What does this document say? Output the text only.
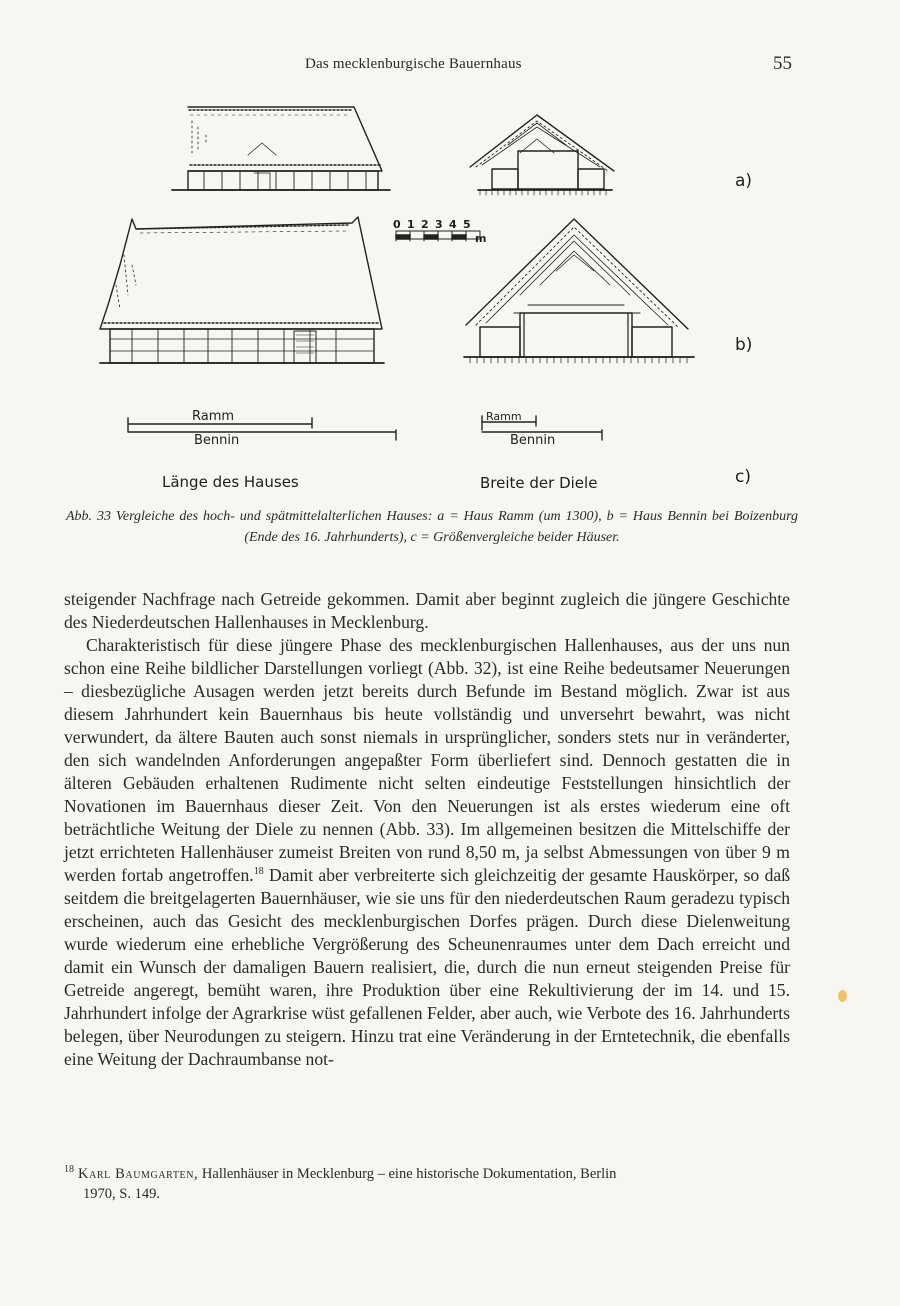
Das mecklenburgische Bauernhaus	55
a)
b)
c)
0 1 2 3 4 5
m
Ramm
Bennin
Ramm
Bennin
Länge des Hauses	Breite der Diele
Abb. 33 Vergleiche des hoch- und spätmittelalterlichen Hauses: a = Haus Ramm (um 1300), b = Haus Bennin bei Boizenburg (Ende des 16. Jahrhunderts), c = Größenvergleiche beider Häuser.

steigender Nachfrage nach Getreide gekommen. Damit aber beginnt zugleich die jüngere Geschichte des Niederdeutschen Hallenhauses in Mecklenburg.

Charakteristisch für diese jüngere Phase des mecklenburgischen Hallenhauses, aus der uns nun schon eine Reihe bildlicher Darstellungen vorliegt (Abb. 32), ist eine Reihe bedeutsamer Neuerungen – diesbezügliche Ausagen werden jetzt bereits durch Befunde im Bestand möglich. Zwar ist aus diesem Jahrhundert kein Bauernhaus bis heute vollständig und unversehrt bewahrt, was nicht verwundert, da ältere Bauten auch sonst niemals in ursprünglicher, sonders stets nur in veränderter, den sich wandelnden Anforderungen angepaßter Form überliefert sind. Dennoch gestatten die in älteren Gebäuden erhaltenen Rudimente nicht selten eindeutige Feststellungen hinsichtlich der Novationen im Bauernhaus dieser Zeit. Von den Neuerungen ist als erstes wiederum eine oft beträchtliche Weitung der Diele zu nennen (Abb. 33). Im allgemeinen besitzen die Mittelschiffe der jetzt errichteten Hallenhäuser zumeist Breiten von rund 8,50 m, ja selbst Abmessungen von über 9 m werden fortab angetroffen.$^{18}$ Damit aber verbreiterte sich gleichzeitig der gesamte Hauskörper, so daß seitdem die breitgelagerten Bauernhäuser, wie sie uns für den niederdeutschen Raum geradezu typisch erscheinen, auch das Gesicht des mecklenburgischen Dorfes prägen. Durch diese Dielenweitung wurde wiederum eine erhebliche Vergrößerung des Scheunenraumes unter dem Dach erreicht und damit ein Wunsch der damaligen Bauern realisiert, die, durch die nun erneut steigenden Preise für Getreide angeregt, bemüht waren, ihre Produktion über eine Rekultivierung der im 14. und 15. Jahrhundert infolge der Agrarkrise wüst gefallenen Felder, aber auch, wie Verbote des 16. Jahrhunderts belegen, über Neurodungen zu steigern. Hinzu trat eine Veränderung in der Erntetechnik, die ebenfalls eine Weitung der Dachraumbanse not-

$^{18}$ Karl Baumgarten, Hallenhäuser in Mecklenburg – eine historische Dokumentation, Berlin
1970, S. 149.
